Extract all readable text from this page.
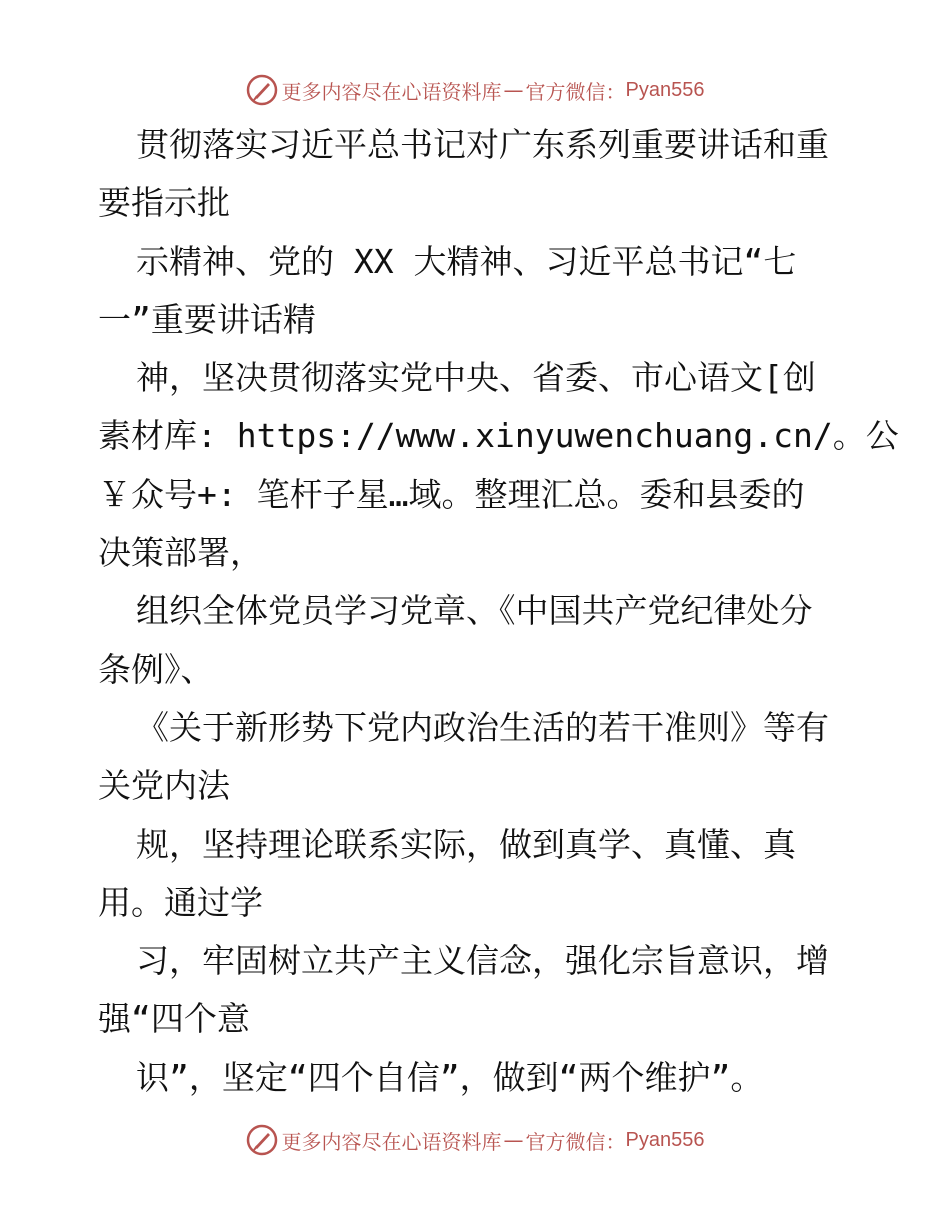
更多内容尽在心语资料库 — 官方微信： Pyan556
贯彻落实习近平总书记对广东系列重要讲话和重
要指示批
示精神、党的 XX 大精神、习近平总书记“七
一”重要讲话精
神，坚决贯彻落实党中央、省委、市心语文[创
素材库: https://www.xinyuwenchuang.cn/。公
￥众号+: 笔杆子星…域。整理汇总。委和县委的
决策部署，
组织全体党员学习党章、《中国共产党纪律处分
条例》、
《关于新形势下党内政治生活的若干准则》等有
关党内法
规，坚持理论联系实际，做到真学、真懂、真
用。通过学
习，牢固树立共产主义信念，强化宗旨意识，增
强“四个意
识”，坚定“四个自信”，做到“两个维护”。
更多内容尽在心语资料库 — 官方微信： Pyan556
